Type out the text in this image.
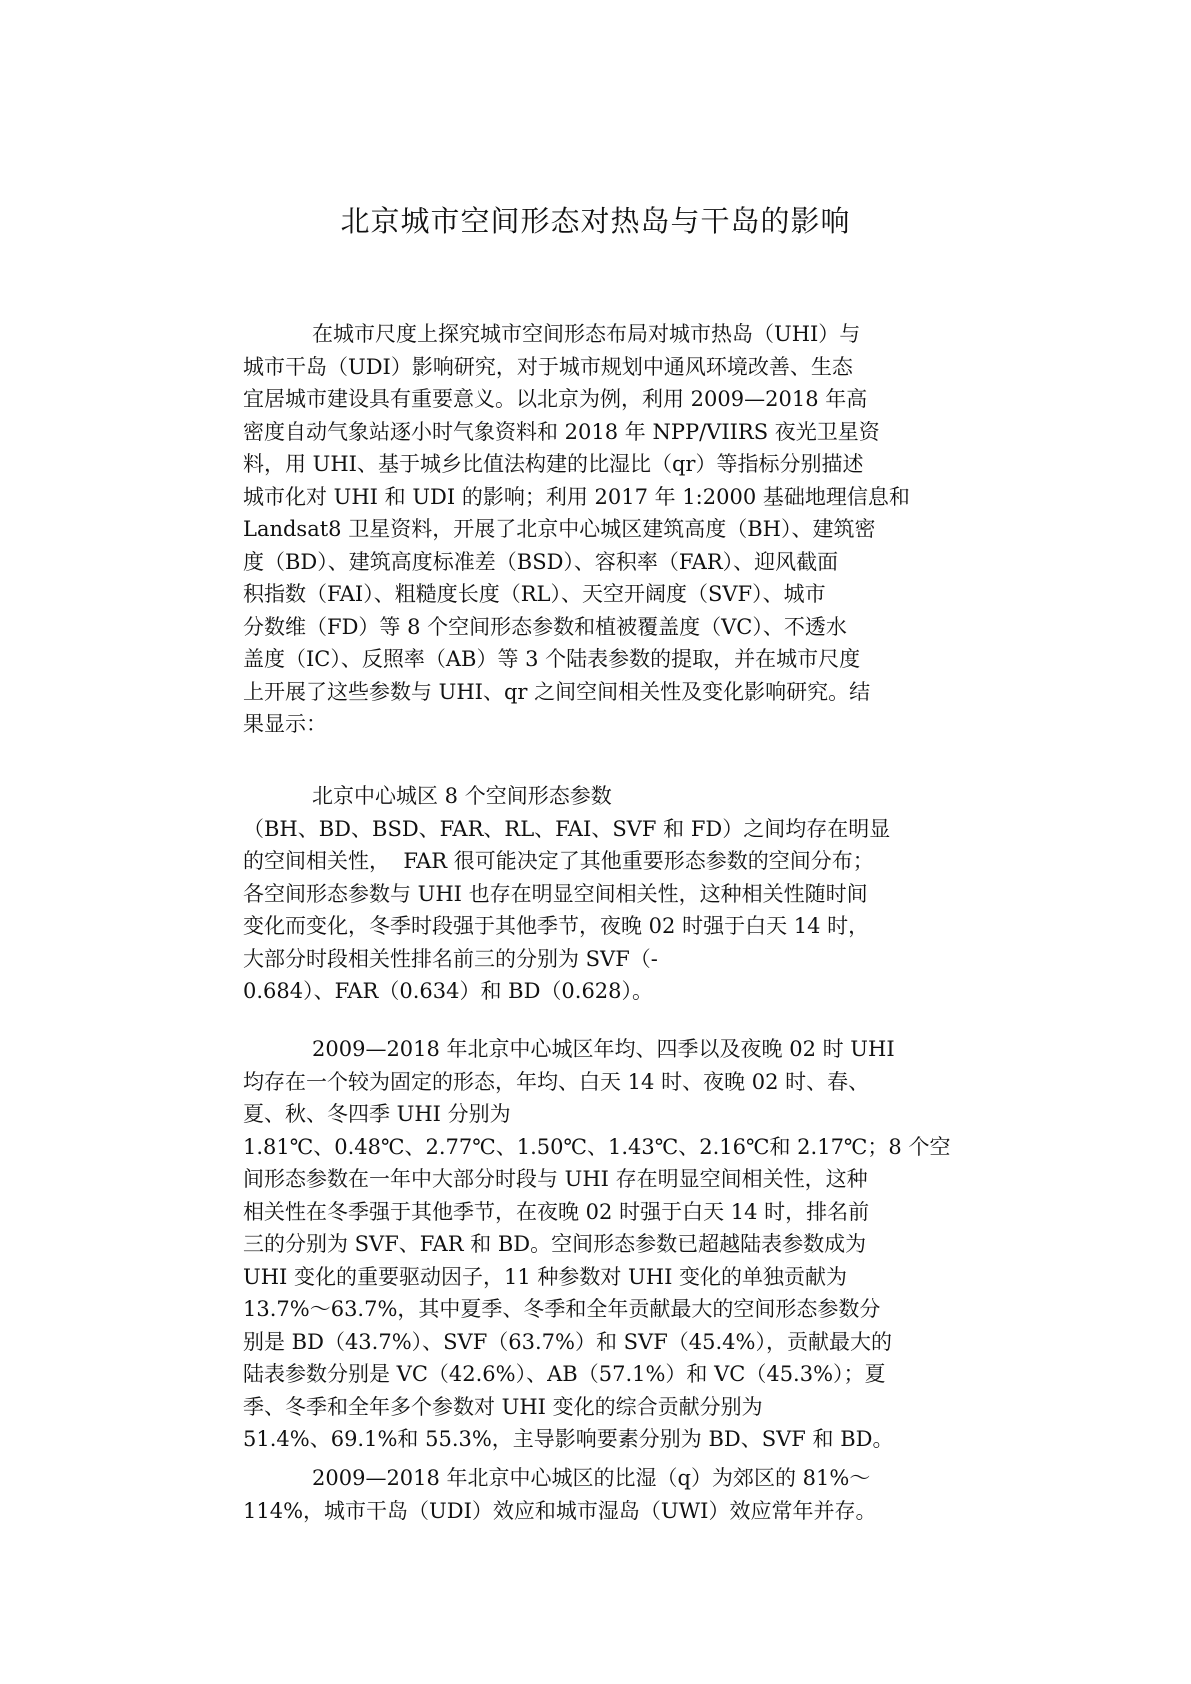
北京城市空间形态对热岛与干岛的影响
在城市尺度上探究城市空间形态布局对城市热岛（UHI）与
城市干岛（UDI）影响研究，对于城市规划中通风环境改善、生态
宜居城市建设具有重要意义。以北京为例，利用 2009—2018 年高
密度自动气象站逐小时气象资料和 2018 年 NPP/VIIRS 夜光卫星资
料，用 UHI、基于城乡比值法构建的比湿比（qr）等指标分别描述
城市化对 UHI 和 UDI 的影响；利用 2017 年 1:2000 基础地理信息和
Landsat8 卫星资料，开展了北京中心城区建筑高度（BH）、建筑密
度（BD）、建筑高度标准差（BSD）、容积率（FAR）、迎风截面
积指数（FAI）、粗糙度长度（RL）、天空开阔度（SVF）、城市
分数维（FD）等 8 个空间形态参数和植被覆盖度（VC）、不透水
盖度（IC）、反照率（AB）等 3 个陆表参数的提取，并在城市尺度
上开展了这些参数与 UHI、qr 之间空间相关性及变化影响研究。结
果显示：
北京中心城区 8 个空间形态参数
（BH、BD、BSD、FAR、RL、FAI、SVF 和 FD）之间均存在明显
的空间相关性，  FAR 很可能决定了其他重要形态参数的空间分布；
各空间形态参数与 UHI 也存在明显空间相关性，这种相关性随时间
变化而变化，冬季时段强于其他季节，夜晚 02 时强于白天 14 时，
大部分时段相关性排名前三的分别为 SVF（-
0.684）、FAR（0.634）和 BD（0.628）。
2009—2018 年北京中心城区年均、四季以及夜晚 02 时 UHI
均存在一个较为固定的形态，年均、白天 14 时、夜晚 02 时、春、
夏、秋、冬四季 UHI 分别为
1.81℃、0.48℃、2.77℃、1.50℃、1.43℃、2.16℃和 2.17℃；8 个空
间形态参数在一年中大部分时段与 UHI 存在明显空间相关性，这种
相关性在冬季强于其他季节，在夜晚 02 时强于白天 14 时，排名前
三的分别为 SVF、FAR 和 BD。空间形态参数已超越陆表参数成为
UHI 变化的重要驱动因子，11 种参数对 UHI 变化的单独贡献为
13.7%～63.7%，其中夏季、冬季和全年贡献最大的空间形态参数分
别是 BD（43.7%）、SVF（63.7%）和 SVF（45.4%），贡献最大的
陆表参数分别是 VC（42.6%）、AB（57.1%）和 VC（45.3%）；夏
季、冬季和全年多个参数对 UHI 变化的综合贡献分别为
51.4%、69.1%和 55.3%，主导影响要素分别为 BD、SVF 和 BD。
2009—2018 年北京中心城区的比湿（q）为郊区的 81%～
114%，城市干岛（UDI）效应和城市湿岛（UWI）效应常年并存。
